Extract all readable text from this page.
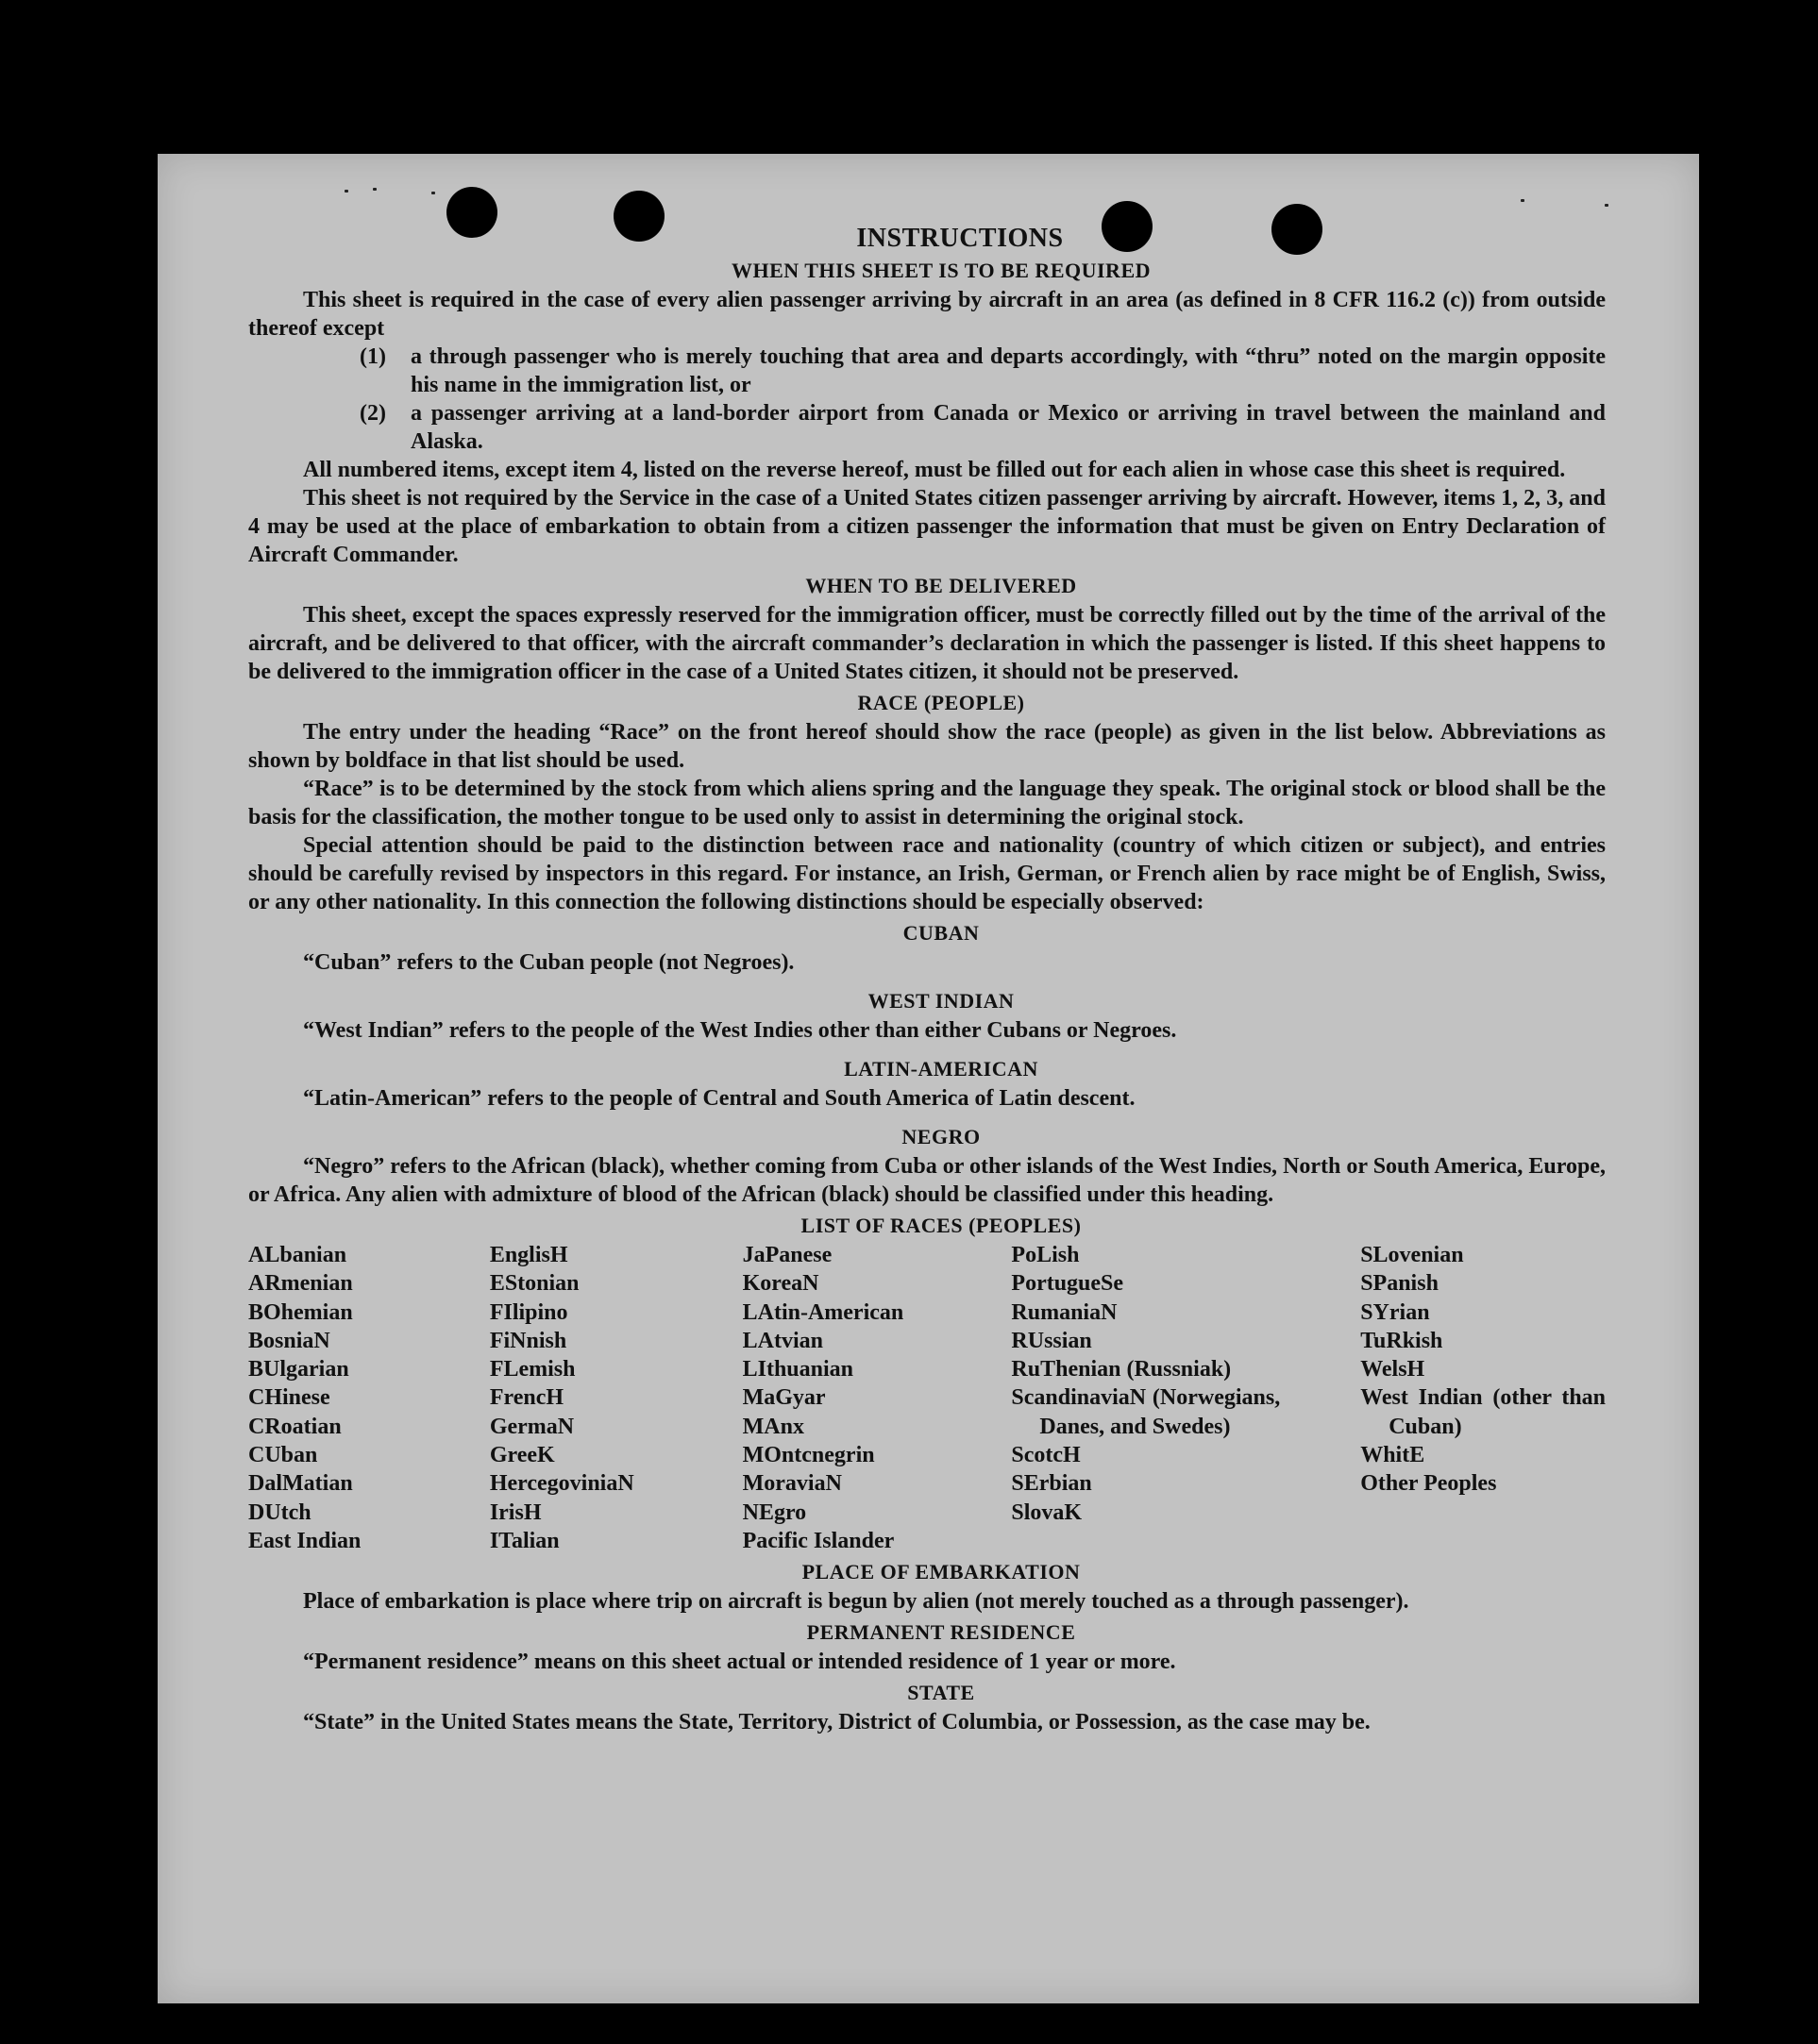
INSTRUCTIONS
WHEN THIS SHEET IS TO BE REQUIRED

This sheet is required in the case of every alien passenger arriving by aircraft in an area (as defined in 8 CFR 116.2 (c)) from outside thereof except

(1)	a through passenger who is merely touching that area and departs accordingly, with “thru” noted on the margin opposite his name in the immigration list, or
(2)	a passenger arriving at a land-border airport from Canada or Mexico or arriving in travel between the mainland and Alaska.

All numbered items, except item 4, listed on the reverse hereof, must be filled out for each alien in whose case this sheet is required.

This sheet is not required by the Service in the case of a United States citizen passenger arriving by aircraft. However, items 1, 2, 3, and 4 may be used at the place of embarkation to obtain from a citizen passenger the information that must be given on Entry Declaration of Aircraft Commander.

WHEN TO BE DELIVERED

This sheet, except the spaces expressly reserved for the immigration officer, must be correctly filled out by the time of the arrival of the aircraft, and be delivered to that officer, with the aircraft commander’s declaration in which the passenger is listed. If this sheet happens to be delivered to the immigration officer in the case of a United States citizen, it should not be preserved.

RACE (PEOPLE)

The entry under the heading “Race” on the front hereof should show the race (people) as given in the list below. Abbreviations as shown by boldface in that list should be used.

“Race” is to be determined by the stock from which aliens spring and the language they speak. The original stock or blood shall be the basis for the classification, the mother tongue to be used only to assist in determining the original stock.

Special attention should be paid to the distinction between race and nationality (country of which citizen or subject), and entries should be carefully revised by inspectors in this regard. For instance, an Irish, German, or French alien by race might be of English, Swiss, or any other nationality. In this connection the following distinctions should be especially observed:

CUBAN

“Cuban” refers to the Cuban people (not Negroes).

WEST INDIAN

“West Indian” refers to the people of the West Indies other than either Cubans or Negroes.

LATIN-AMERICAN

“Latin-American” refers to the people of Central and South America of Latin descent.

NEGRO

“Negro” refers to the African (black), whether coming from Cuba or other islands of the West Indies, North or South America, Europe, or Africa. Any alien with admixture of blood of the African (black) should be classified under this heading.

LIST OF RACES (PEOPLES)
ALbanian
ARmenian
BOhemian
BosniaN
BUlgarian
CHinese
CRoatian
CUban
DalMatian
DUtch
East Indian
EnglisH
EStonian
FIlipino
FiNnish
FLemish
FrencH
GermaN
GreeK
HercegoviniaN
IrisH
ITalian
JaPanese
KoreaN
LAtin-American
LAtvian
LIthuanian
MaGyar
MAnx
MOntcnegrin
MoraviaN
NEgro
Pacific Islander
PoLish
PortugueSe
RumaniaN
RUssian
RuThenian (Russniak)
ScandinaviaN (Norwegians, Danes, and Swedes)
ScotcH
SErbian
SlovaK
SLovenian
SPanish
SYrian
TuRkish
WelsH
West Indian (other than Cuban)
WhitE
Other Peoples
PLACE OF EMBARKATION

Place of embarkation is place where trip on aircraft is begun by alien (not merely touched as a through passenger).

PERMANENT RESIDENCE

“Permanent residence” means on this sheet actual or intended residence of 1 year or more.

STATE

“State” in the United States means the State, Territory, District of Columbia, or Possession, as the case may be.
